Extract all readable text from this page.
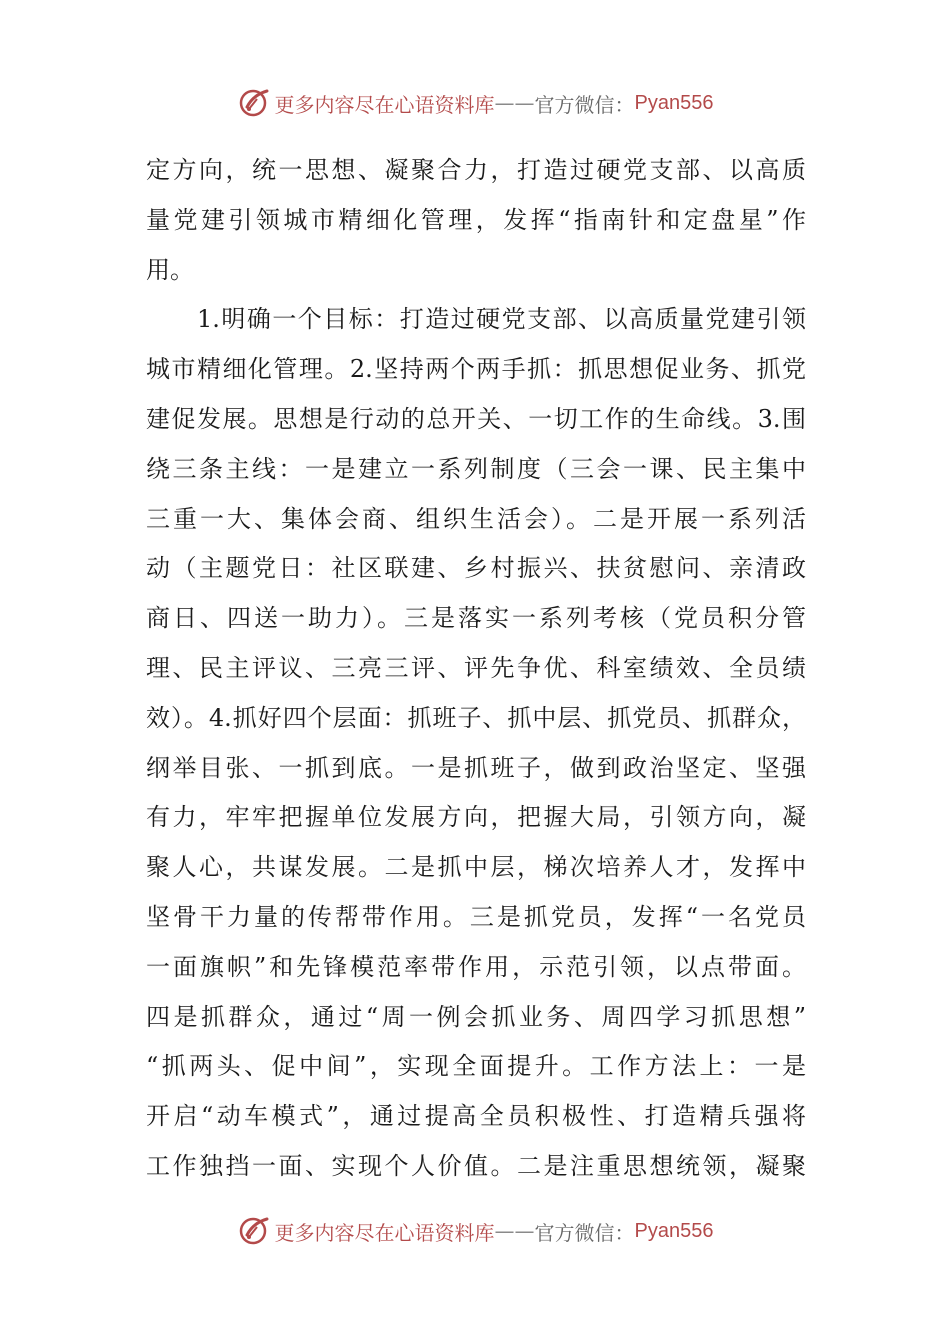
更多内容尽在心语资料库 —— 官方微信： Pyan556
定方向，统一思想、凝聚合力，打造过硬党支部、以高质
量党建引领城市精细化管理，发挥“指南针和定盘星”作
用。
　　1.明确一个目标：打造过硬党支部、以高质量党建引领
城市精细化管理。2.坚持两个两手抓：抓思想促业务、抓党
建促发展。思想是行动的总开关、一切工作的生命线。3.围
绕三条主线：一是建立一系列制度（三会一课、民主集中
三重一大、集体会商、组织生活会）。二是开展一系列活
动（主题党日：社区联建、乡村振兴、扶贫慰问、亲清政
商日、四送一助力）。三是落实一系列考核（党员积分管
理、民主评议、三亮三评、评先争优、科室绩效、全员绩
效）。4.抓好四个层面：抓班子、抓中层、抓党员、抓群众，
纲举目张、一抓到底。一是抓班子，做到政治坚定、坚强
有力，牢牢把握单位发展方向，把握大局，引领方向，凝
聚人心，共谋发展。二是抓中层，梯次培养人才，发挥中
坚骨干力量的传帮带作用。三是抓党员，发挥“一名党员
一面旗帜”和先锋模范率带作用，示范引领，以点带面。
四是抓群众，通过“周一例会抓业务、周四学习抓思想”
“抓两头、促中间”，实现全面提升。工作方法上：一是
开启“动车模式”，通过提高全员积极性、打造精兵强将
工作独挡一面、实现个人价值。二是注重思想统领，凝聚
更多内容尽在心语资料库 —— 官方微信： Pyan556
